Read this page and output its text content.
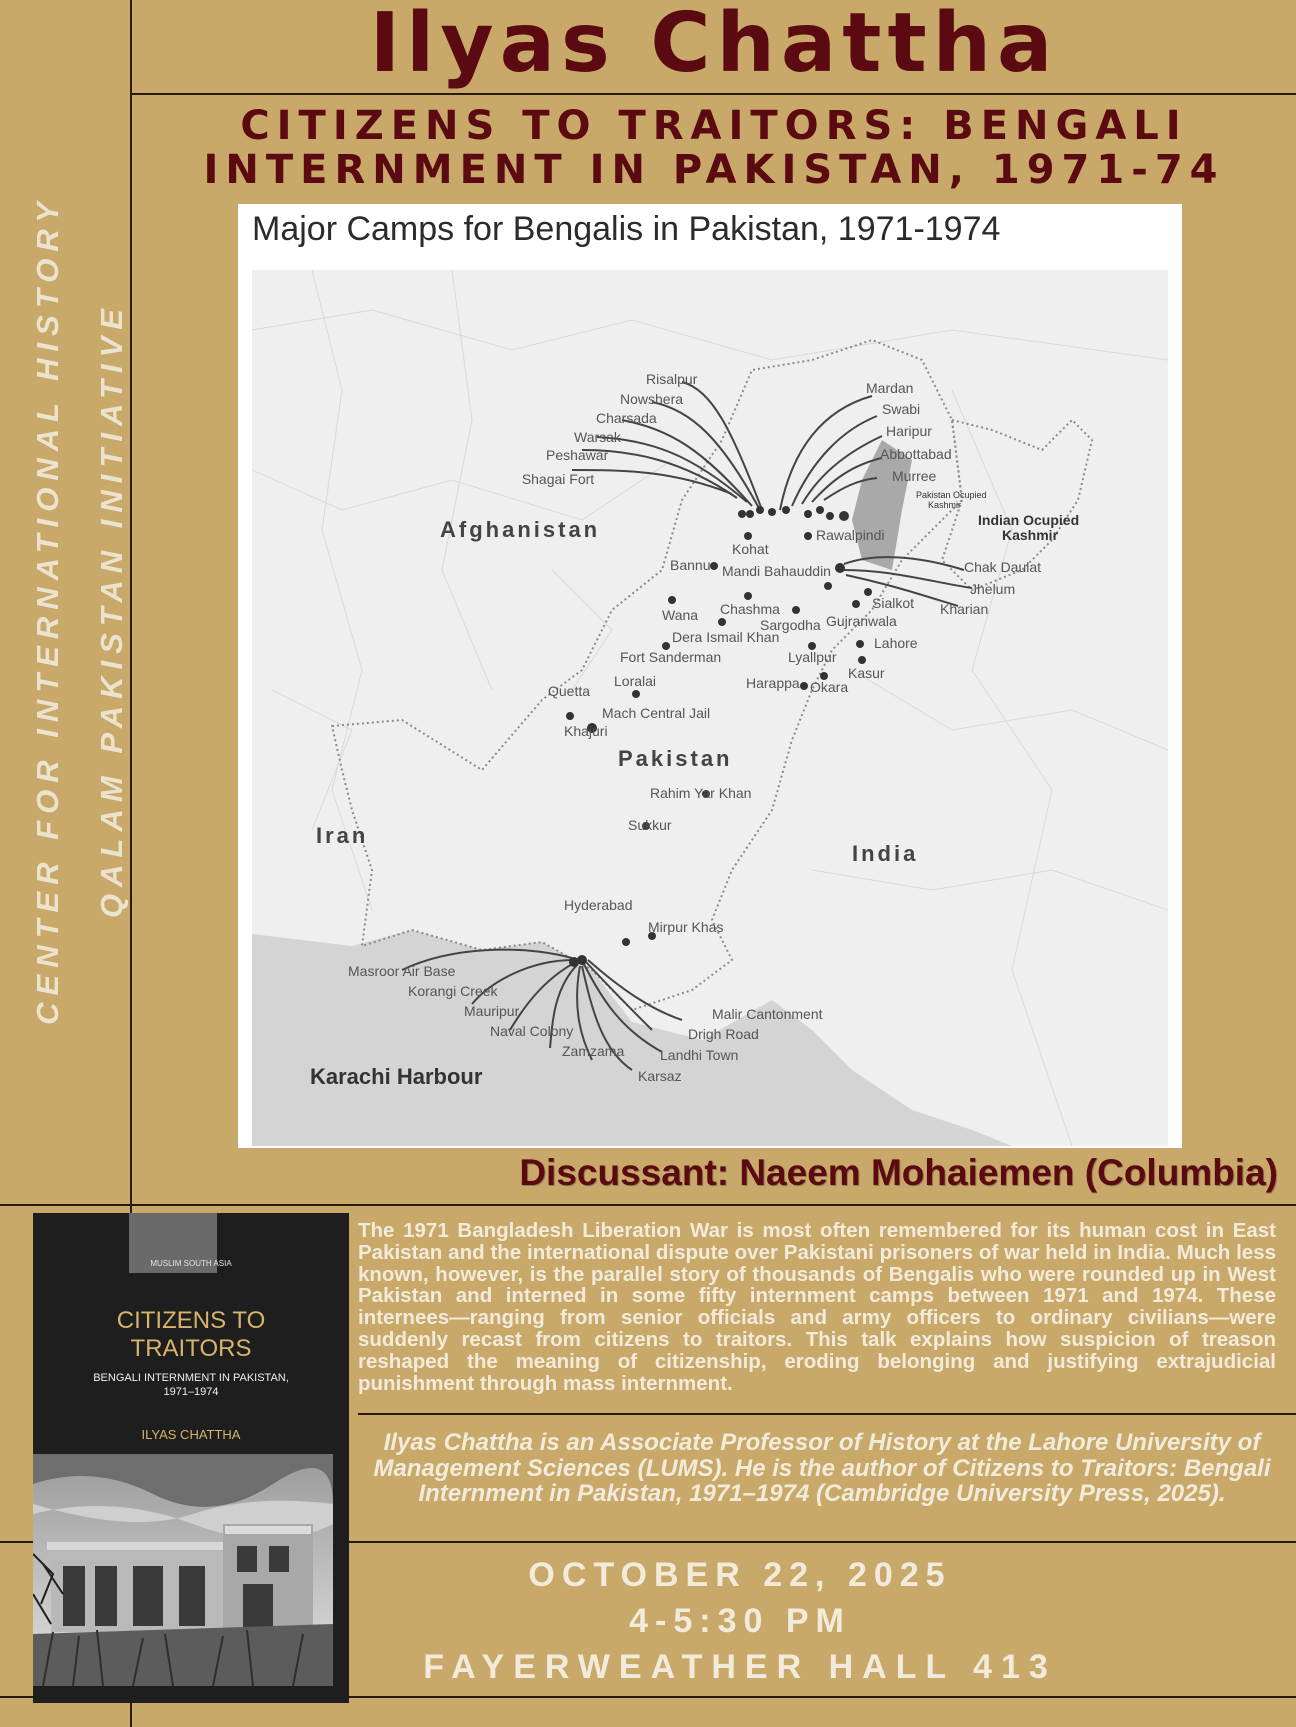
CENTER FOR INTERNATIONAL HISTORY QALAM PAKISTAN INITIATIVE
Ilyas Chattha
CITIZENS TO TRAITORS: BENGALI
INTERNMENT IN PAKISTAN, 1971-74
Major Camps for Bengalis in Pakistan, 1971-1974
Afghanistan
Pakistan
Iran
India
Indian Ocupied
Kashmir
Pakistan Ocupied
Kashmir
Karachi Harbour
Risalpur
Nowshera
Charsada
Warsak
Peshawar
Shagai Fort
Mardan
Swabi
Haripur
Abbottabad
Murree
Chak Daulat
Jhelum
Kharian
Rawalpindi
Kohat
Bannu Mandi Bahauddin
Wana Chashma
Sargodha Gujranwala
Sialkot
Dera Ismail Khan	Lahore
Fort Sanderman	Lyallpur
Kasur
Loralai	Harappa Okara
Quetta
Mach Central Jail
Khajuri
Rahim Yar Khan
Sukkur
Hyderabad
Mirpur Khas
Masroor Air Base
Korangi Creek
Mauripur
Naval Colony
Zamzama
Karsaz
Landhi Town
Drigh Road
Malir Cantonment
Discussant: Naeem Mohaiemen (Columbia)
MUSLIM SOUTH ASIA
CITIZENS TO
TRAITORS
BENGALI INTERNMENT IN PAKISTAN,
1971–1974
ILYAS CHATTHA
The 1971 Bangladesh Liberation War is most often remembered for its human cost in East Pakistan and the international dispute over Pakistani prisoners of war held in India. Much less known, however, is the parallel story of thousands of Bengalis who were rounded up in West Pakistan and interned in some fifty internment camps between 1971 and 1974. These internees—ranging from senior officials and army officers to ordinary civilians—were suddenly recast from citizens to traitors. This talk explains how suspicion of treason reshaped the meaning of citizenship, eroding belonging and justifying extrajudicial punishment through mass internment.
Ilyas Chattha is an Associate Professor of History at the Lahore University of Management Sciences (LUMS). He is the author of Citizens to Traitors: Bengali Internment in Pakistan, 1971–1974 (Cambridge University Press, 2025).
OCTOBER 22, 2025
4-5:30 PM
FAYERWEATHER HALL 413
